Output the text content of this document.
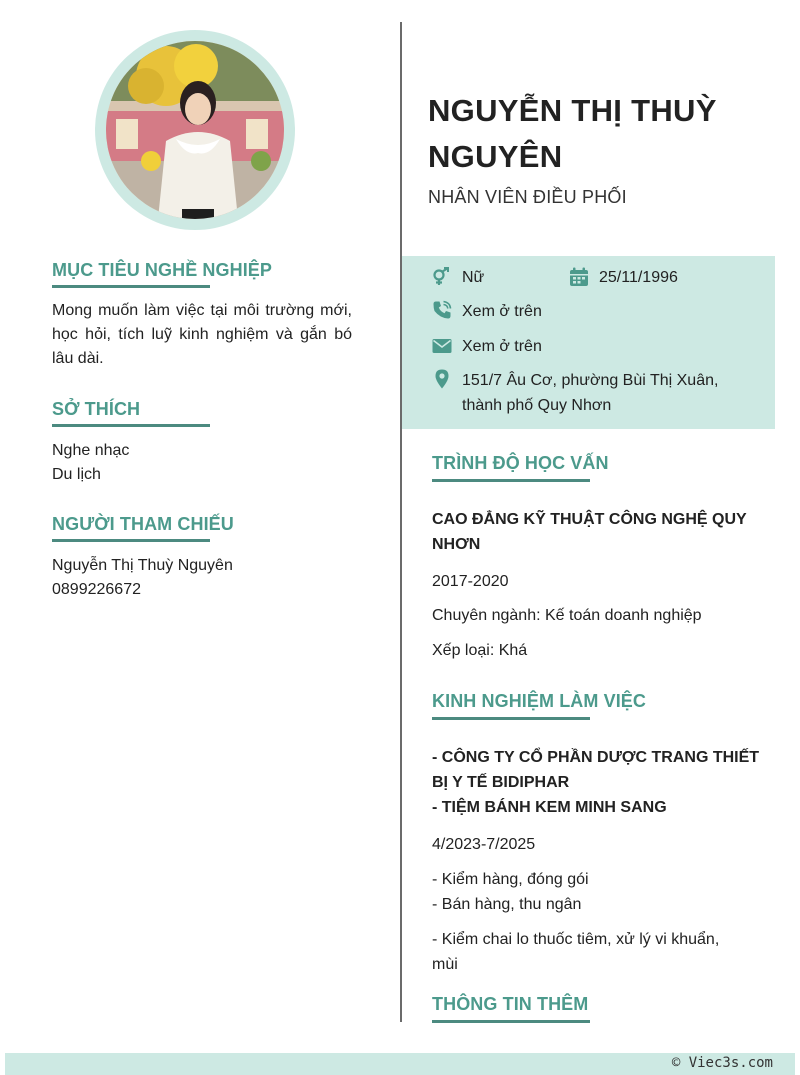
NGUYỄN THỊ THUỲ
NGUYÊN
NHÂN VIÊN ĐIỀU PHỐI
Nữ	25/11/1996
Xem ở trên
Xem ở trên
151/7 Âu Cơ, phường Bùi Thị Xuân,
thành phố Quy Nhơn
MỤC TIÊU NGHỀ NGHIỆP
Mong muốn làm việc tại môi trường mới, học hỏi, tích luỹ kinh nghiệm và gắn bó lâu dài.
SỞ THÍCH
Nghe nhạc
Du lịch
NGƯỜI THAM CHIẾU
Nguyễn Thị Thuỳ Nguyên
0899226672
TRÌNH ĐỘ HỌC VẤN
CAO ĐẲNG KỸ THUẬT CÔNG NGHỆ QUY
NHƠN
2017-2020
Chuyên ngành: Kế toán doanh nghiệp
Xếp loại: Khá
KINH NGHIỆM LÀM VIỆC
- CÔNG TY CỔ PHẦN DƯỢC TRANG THIẾT
BỊ Y TẾ BIDIPHAR
- TIỆM BÁNH KEM MINH SANG
4/2023-7/2025
- Kiểm hàng, đóng gói
- Bán hàng, thu ngân
- Kiểm chai lo thuốc tiêm, xử lý vi khuẩn,
mùi
THÔNG TIN THÊM
© Viec3s.com
